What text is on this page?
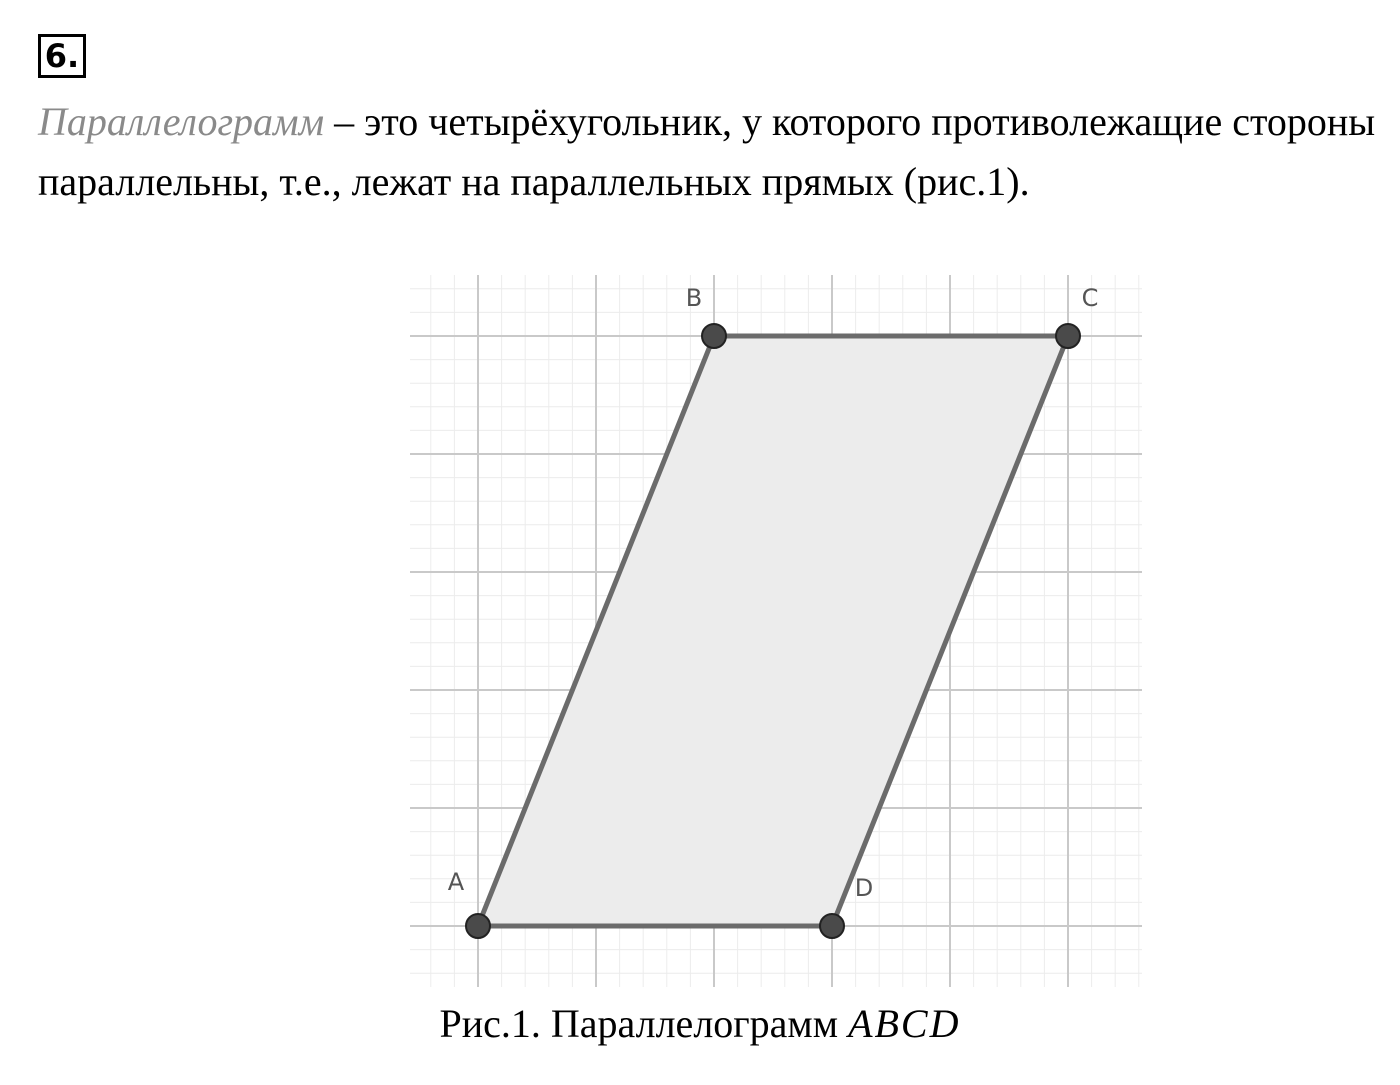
6.

Параллелограмм – это четырёхугольник, у которого противолежащие стороны параллельны, т.е., лежат на параллельных прямых (рис.1).

A
B	C
D

Рис.1. Параллелограмм ABCD
